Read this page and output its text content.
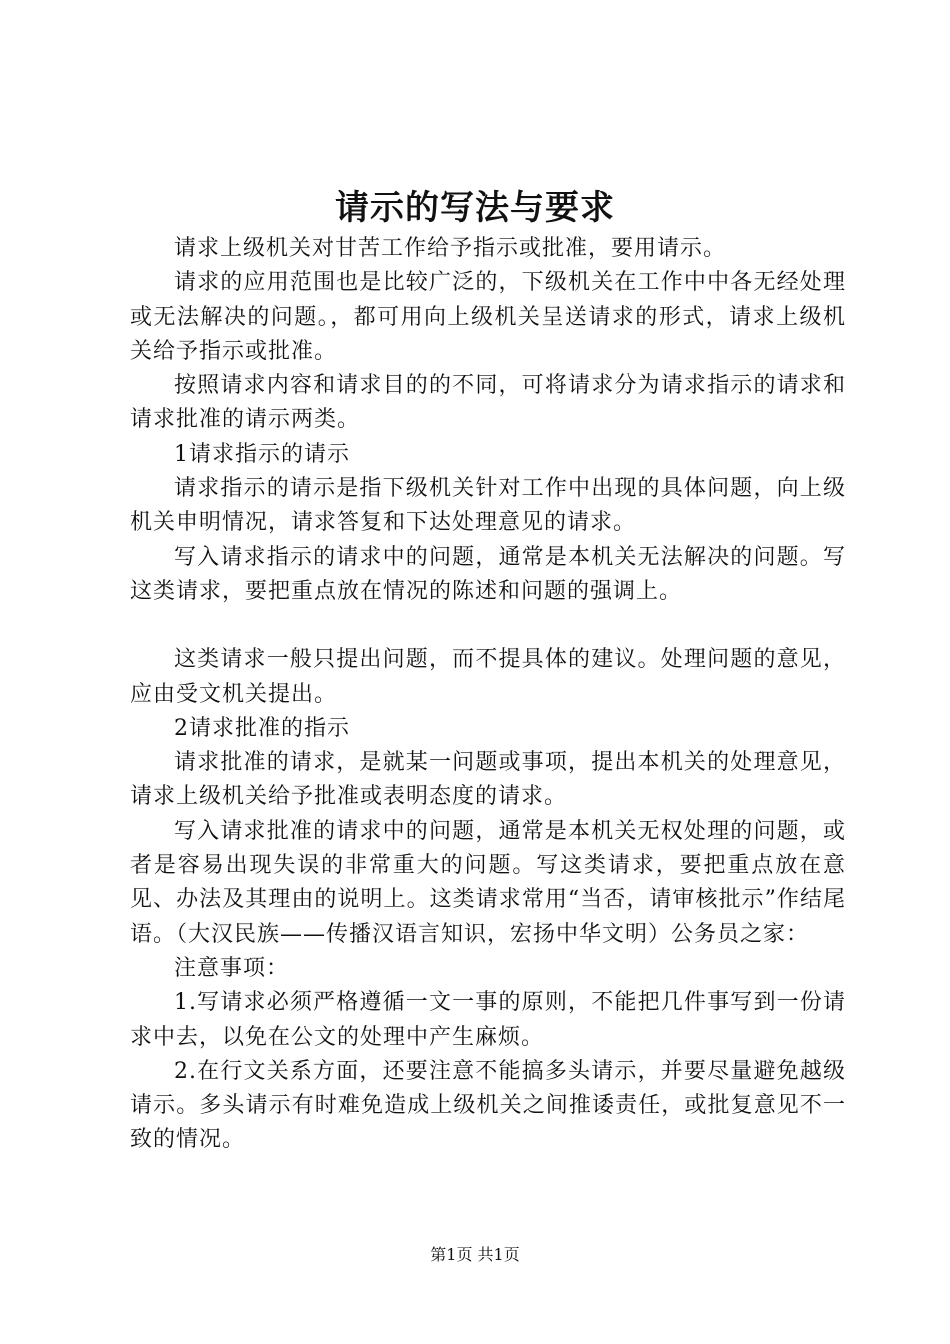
请示的写法与要求

请求上级机关对甘苦工作给予指示或批准，要用请示。

请求的应用范围也是比较广泛的，下级机关在工作中中各无经处理或无法解决的问题。，都可用向上级机关呈送请求的形式，请求上级机关给予指示或批准。

按照请求内容和请求目的的不同，可将请求分为请求指示的请求和请求批准的请示两类。

1请求指示的请示

请求指示的请示是指下级机关针对工作中出现的具体问题，向上级机关申明情况，请求答复和下达处理意见的请求。

写入请求指示的请求中的问题，通常是本机关无法解决的问题。写这类请求，要把重点放在情况的陈述和问题的强调上。

这类请求一般只提出问题，而不提具体的建议。处理问题的意见，应由受文机关提出。

2请求批准的指示

请求批准的请求，是就某一问题或事项，提出本机关的处理意见，请求上级机关给予批准或表明态度的请求。

写入请求批准的请求中的问题，通常是本机关无权处理的问题，或者是容易出现失误的非常重大的问题。写这类请求，要把重点放在意见、办法及其理由的说明上。这类请求常用“当否，请审核批示”作结尾语。（大汉民族——传播汉语言知识，宏扬中华文明）公务员之家：

注意事项：

1.写请求必须严格遵循一文一事的原则，不能把几件事写到一份请求中去，以免在公文的处理中产生麻烦。

2.在行文关系方面，还要注意不能搞多头请示，并要尽量避免越级请示。多头请示有时难免造成上级机关之间推诿责任，或批复意见不一致的情况。

第1页 共1页
